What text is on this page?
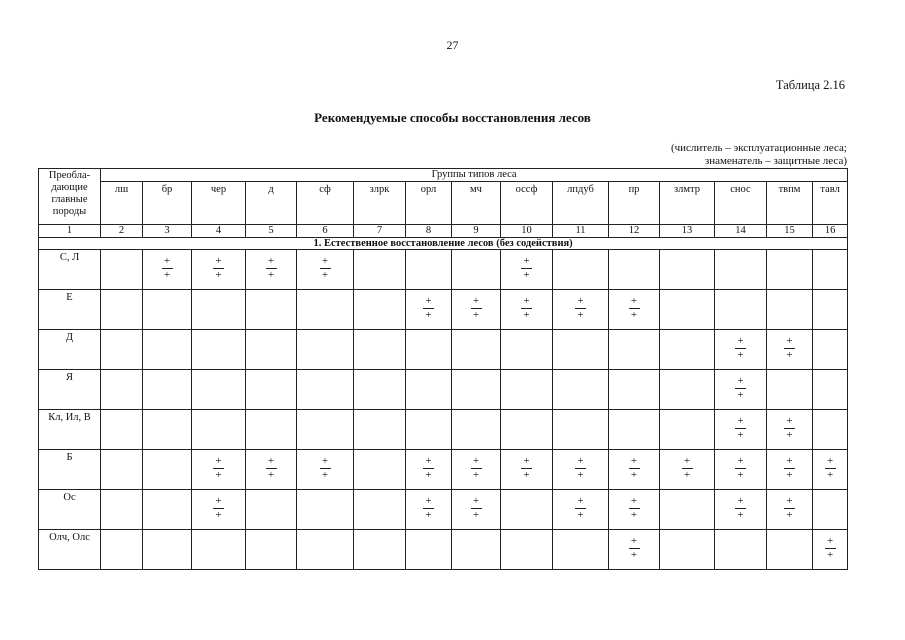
27
Таблица 2.16
Рекомендуемые способы восстановления лесов
(числитель – эксплуатационные леса;
знаменатель – защитные леса)
Преобла-
дающие
главные
породы	Группы типов леса														
	лш	бр	чер	д	сф	злрк	орл	мч	оссф	лпдуб	пр	злмтр	снос	твпм	тавл
1	2	3	4	5	6	7	8	9	10	11	12	13	14	15	16
1. Естественное восстановление лесов (без содействия)															
С, Л		$\frac{+}{+}$	$\frac{+}{+}$	$\frac{+}{+}$	$\frac{+}{+}$				$\frac{+}{+}$

Е							$\frac{+}{+}$	$\frac{+}{+}$	$\frac{+}{+}$	$\frac{+}{+}$	$\frac{+}{+}$

Д													$\frac{+}{+}$	$\frac{+}{+}$

Я													$\frac{+}{+}$

Кл, Ил, В													$\frac{+}{+}$	$\frac{+}{+}$

Б			$\frac{+}{+}$	$\frac{+}{+}$	$\frac{+}{+}$		$\frac{+}{+}$	$\frac{+}{+}$	$\frac{+}{+}$	$\frac{+}{+}$	$\frac{+}{+}$	$\frac{+}{+}$	$\frac{+}{+}$	$\frac{+}{+}$	$\frac{+}{+}$

Ос			$\frac{+}{+}$				$\frac{+}{+}$	$\frac{+}{+}$		$\frac{+}{+}$	$\frac{+}{+}$		$\frac{+}{+}$	$\frac{+}{+}$

Олч, Олс											$\frac{+}{+}$				$\frac{+}{+}$
